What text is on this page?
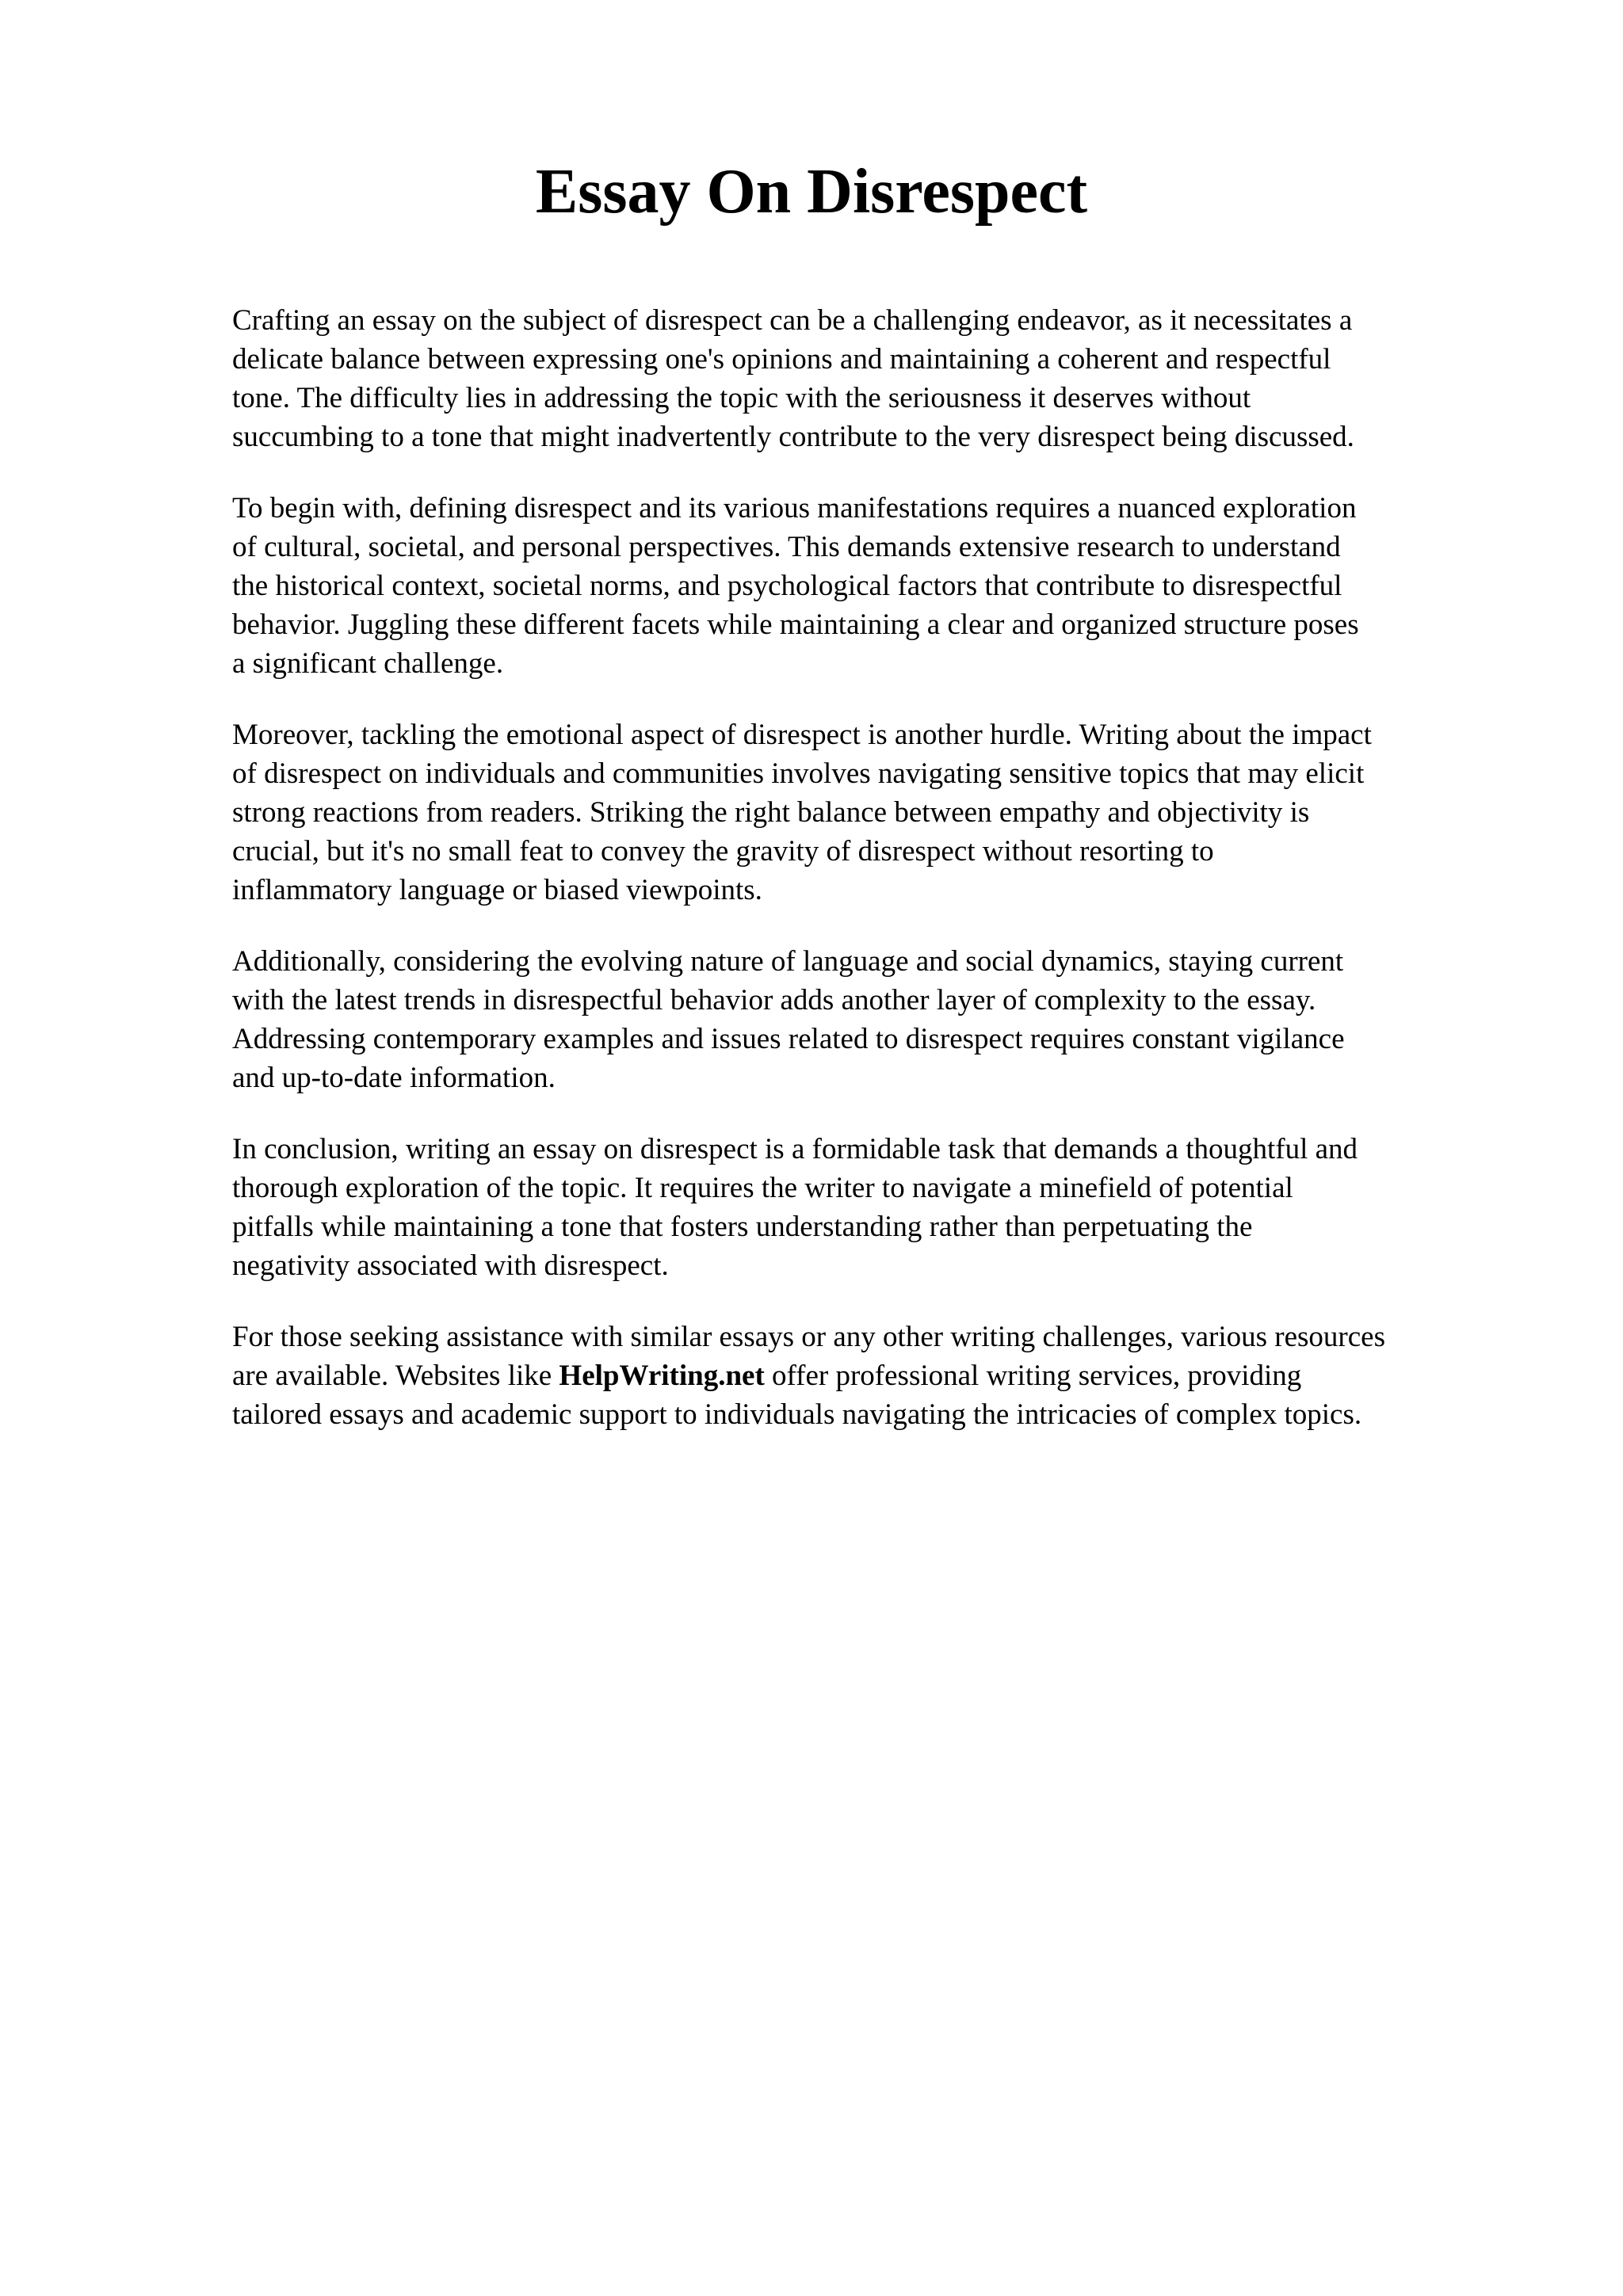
Essay On Disrespect

Crafting an essay on the subject of disrespect can be a challenging endeavor, as it necessitates a
delicate balance between expressing one's opinions and maintaining a coherent and respectful
tone. The difficulty lies in addressing the topic with the seriousness it deserves without
succumbing to a tone that might inadvertently contribute to the very disrespect being discussed.

To begin with, defining disrespect and its various manifestations requires a nuanced exploration
of cultural, societal, and personal perspectives. This demands extensive research to understand
the historical context, societal norms, and psychological factors that contribute to disrespectful
behavior. Juggling these different facets while maintaining a clear and organized structure poses
a significant challenge.

Moreover, tackling the emotional aspect of disrespect is another hurdle. Writing about the impact
of disrespect on individuals and communities involves navigating sensitive topics that may elicit
strong reactions from readers. Striking the right balance between empathy and objectivity is
crucial, but it's no small feat to convey the gravity of disrespect without resorting to
inflammatory language or biased viewpoints.

Additionally, considering the evolving nature of language and social dynamics, staying current
with the latest trends in disrespectful behavior adds another layer of complexity to the essay.
Addressing contemporary examples and issues related to disrespect requires constant vigilance
and up-to-date information.

In conclusion, writing an essay on disrespect is a formidable task that demands a thoughtful and
thorough exploration of the topic. It requires the writer to navigate a minefield of potential
pitfalls while maintaining a tone that fosters understanding rather than perpetuating the
negativity associated with disrespect.

For those seeking assistance with similar essays or any other writing challenges, various resources
are available. Websites like HelpWriting.net offer professional writing services, providing
tailored essays and academic support to individuals navigating the intricacies of complex topics.
